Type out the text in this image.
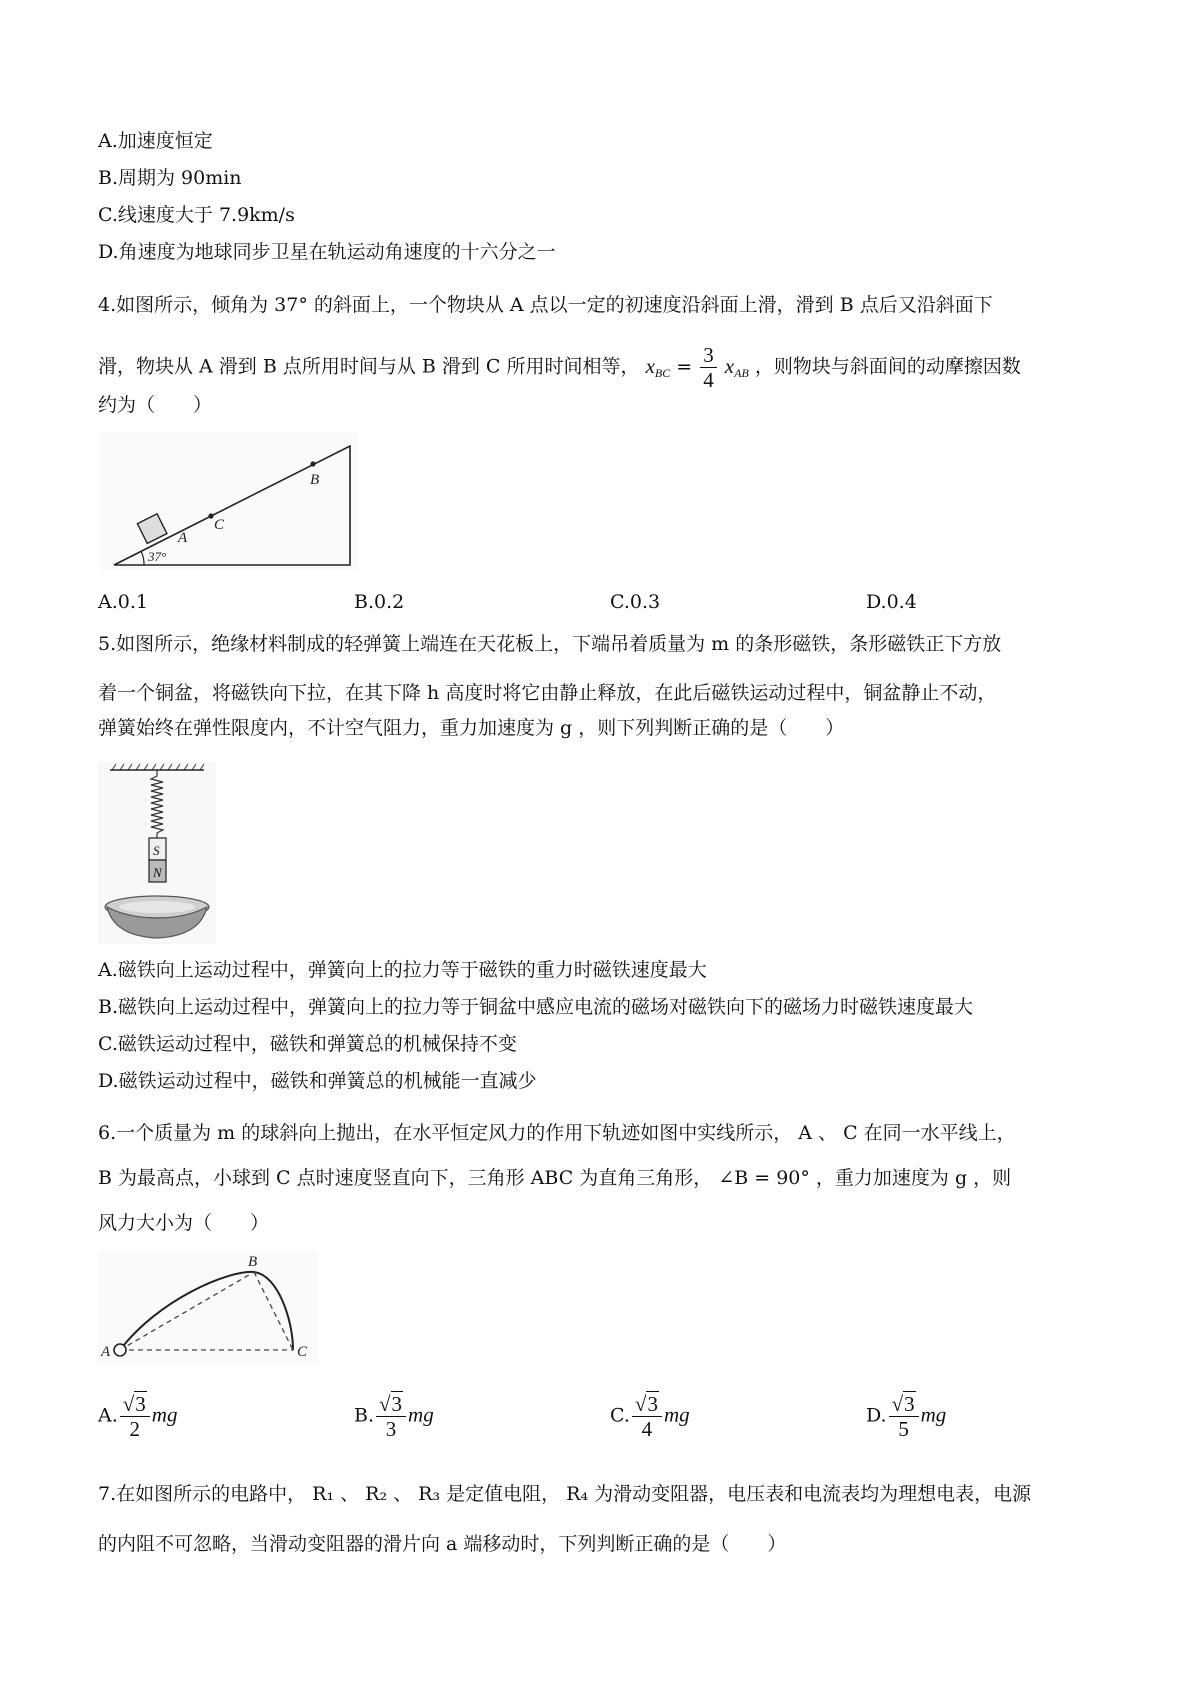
A.加速度恒定
B.周期为 90min
C.线速度大于 7.9km/s
D.角速度为地球同步卫星在轨运动角速度的十六分之一
4.如图所示，倾角为 37° 的斜面上，一个物块从 A 点以一定的初速度沿斜面上滑，滑到 B 点后又沿斜面下
滑，物块从 A 滑到 B 点所用时间与从 B 滑到 C 所用时间相等， $x_{BC} = \frac{3}{4} x_{AB}$ ，则物块与斜面间的动摩擦因数
约为（　　）
37°
A
C
B
A.0.1	B.0.2	C.0.3	D.0.4
5.如图所示，绝缘材料制成的轻弹簧上端连在天花板上，下端吊着质量为 m 的条形磁铁，条形磁铁正下方放
着一个铜盆，将磁铁向下拉，在其下降 h 高度时将它由静止释放，在此后磁铁运动过程中，铜盆静止不动，
弹簧始终在弹性限度内，不计空气阻力，重力加速度为 g ，则下列判断正确的是（　　）
S
N
A.磁铁向上运动过程中，弹簧向上的拉力等于磁铁的重力时磁铁速度最大
B.磁铁向上运动过程中，弹簧向上的拉力等于铜盆中感应电流的磁场对磁铁向下的磁场力时磁铁速度最大
C.磁铁运动过程中，磁铁和弹簧总的机械保持不变
D.磁铁运动过程中，磁铁和弹簧总的机械能一直减少
6.一个质量为 m 的球斜向上抛出，在水平恒定风力的作用下轨迹如图中实线所示， A 、 C 在同一水平线上，
B 为最高点，小球到 C 点时速度竖直向下，三角形 ABC 为直角三角形， ∠B = 90° ，重力加速度为 g ，则
风力大小为（　　）
A
B
C
A. $\frac{√3}{2}$ mg	B. $\frac{√3}{3}$ mg	C. $\frac{√3}{4}$ mg	D. $\frac{√3}{5}$ mg
7.在如图所示的电路中， R₁ 、 R₂ 、 R₃ 是定值电阻， R₄ 为滑动变阻器，电压表和电流表均为理想电表，电源
的内阻不可忽略，当滑动变阻器的滑片向 a 端移动时，下列判断正确的是（　　）
